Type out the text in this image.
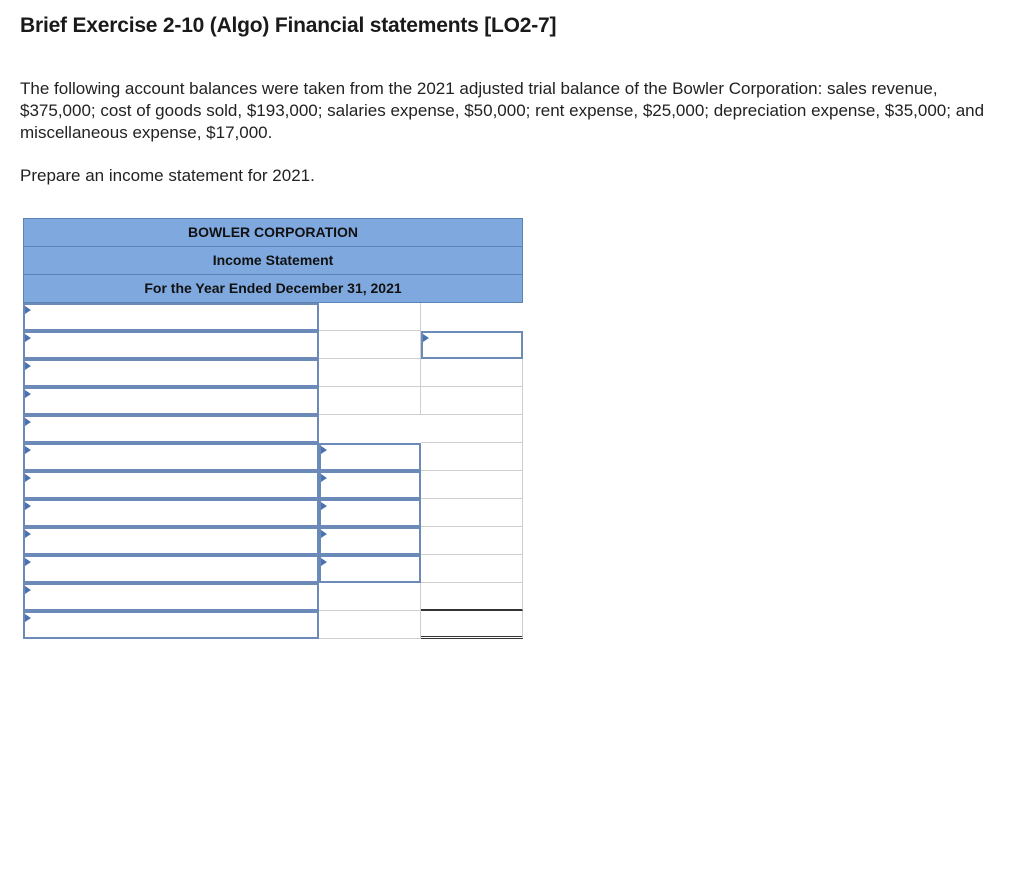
Brief Exercise 2-10 (Algo) Financial statements [LO2-7]

The following account balances were taken from the 2021 adjusted trial balance of the Bowler Corporation: sales revenue, $375,000; cost of goods sold, $193,000; salaries expense, $50,000; rent expense, $25,000; depreciation expense, $35,000; and miscellaneous expense, $17,000.

Prepare an income statement for 2021.

BOWLER CORPORATION
Income Statement
For the Year Ended December 31, 2021
